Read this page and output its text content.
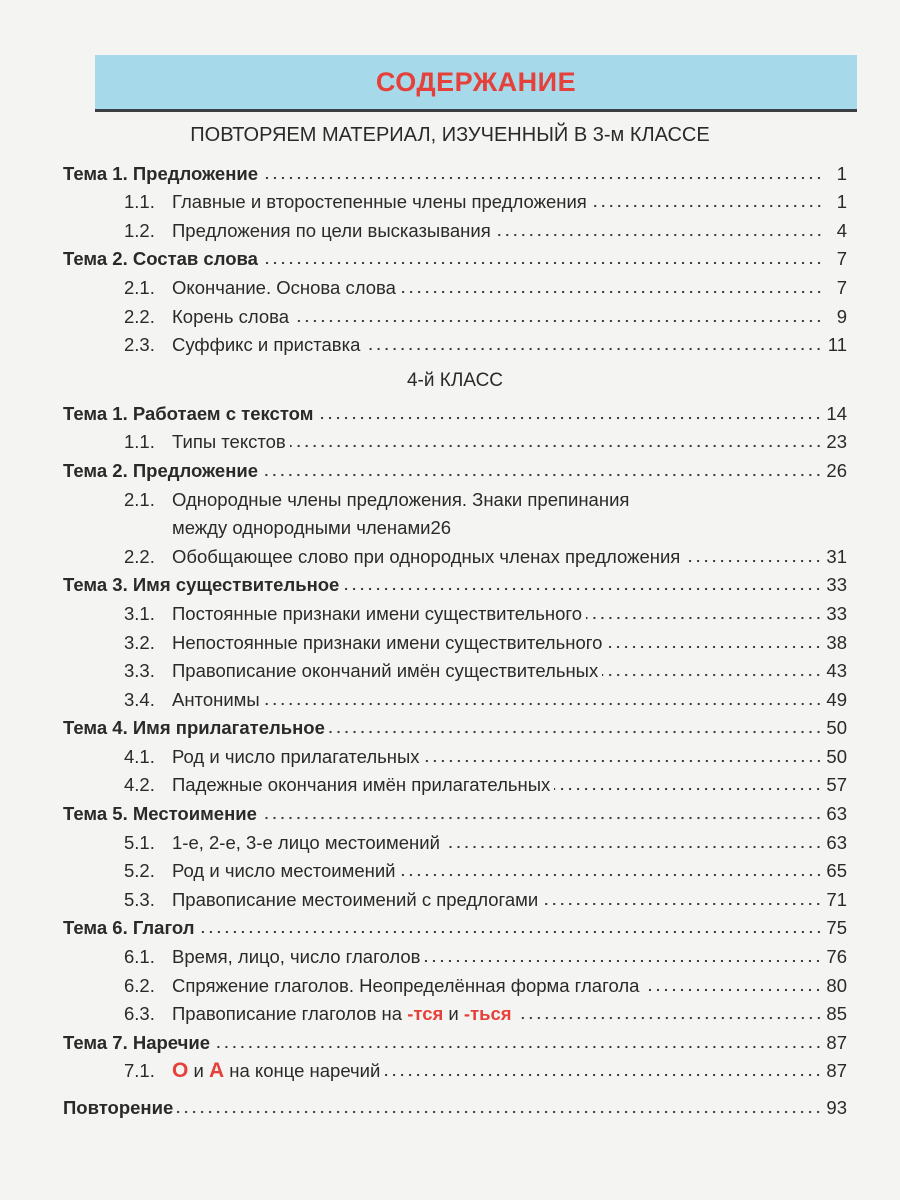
СОДЕРЖАНИЕ
Тема 1. Предложение	1
1.1. Главные и второстепенные члены предложения	1
1.2. Предложения по цели высказывания	4
Тема 2. Состав слова	7
2.1. Окончание. Основа слова	7
2.2. Корень слова	9
2.3. Суффикс и приставка	11
4-й КЛАСС
Тема 1. Работаем с текстом	14
1.1. Типы текстов	23
Тема 2. Предложение	26
2.1. Однородные члены предложения. Знаки препинания
между однородными членами 26
2.2. Обобщающее слово при однородных членах предложения	31
Тема 3. Имя существительное	33
3.1. Постоянные признаки имени существительного	33
3.2. Непостоянные признаки имени существительного	38
3.3. Правописание окончаний имён существительных	43
3.4. Антонимы	49
Тема 4. Имя прилагательное	50
4.1. Род и число прилагательных	50
4.2. Падежные окончания имён прилагательных	57
Тема 5. Местоимение	63
5.1. 1-е, 2-е, 3-е лицо местоимений	63
5.2. Род и число местоимений	65
5.3. Правописание местоимений с предлогами	71
Тема 6. Глагол	75
6.1. Время, лицо, число глаголов	76
6.2. Спряжение глаголов. Неопределённая форма глагола	80
6.3. Правописание глаголов на -тся и -ться	85
Тема 7. Наречие	87
7.1. О и А на конце наречий	87
Повторение	93
ПОВТОРЯЕМ МАТЕРИАЛ, ИЗУЧЕННЫЙ В 3-м КЛАССЕ
